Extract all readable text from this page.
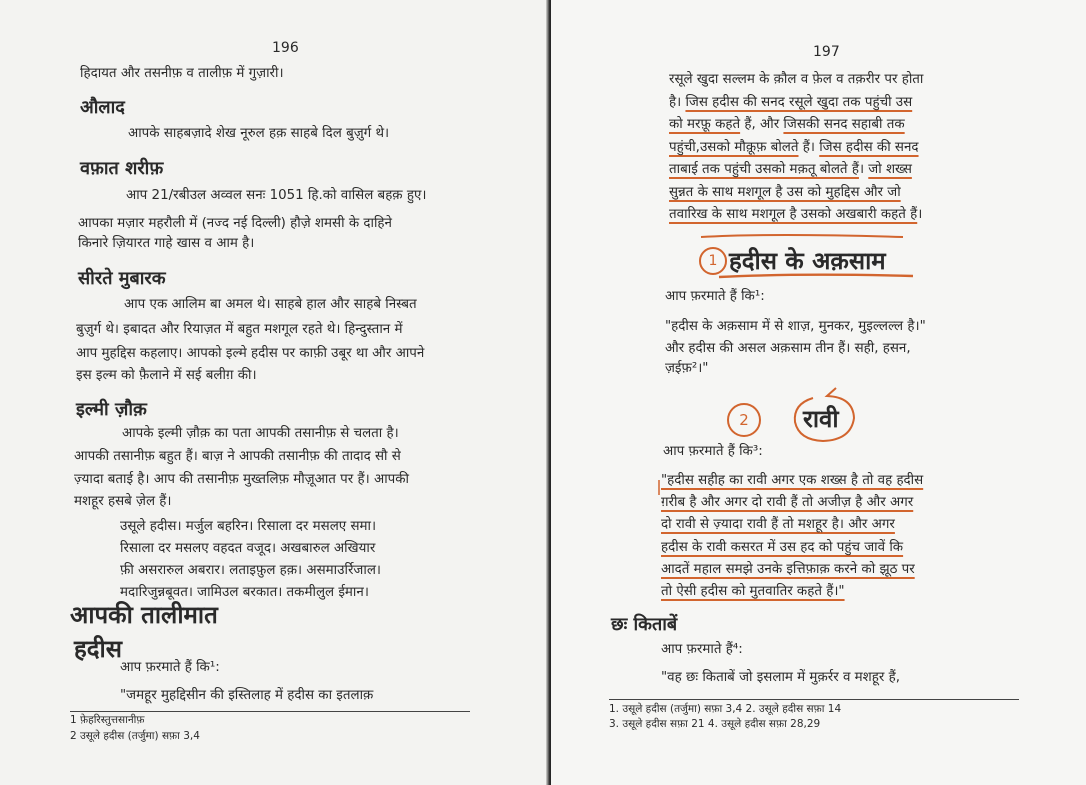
196

हिदायत और तसनीफ़ व तालीफ़ में गुज़ारी।

औलाद

आपके साहबज़ादे शेख नूरुल हक़ साहबे दिल बुज़ुर्ग थे।

वफ़ात शरीफ़

आप 21/रबीउल अव्वल सनः 1051 हि.को वासिल बहक़ हुए।

आपका मज़ार महरौली में (नज्द नई दिल्ली) हौज़े शमसी के दाहिने

किनारे ज़ियारत गाहे खास व आम है।

सीरते मुबारक

आप एक आलिम बा अमल थे। साहबे हाल और साहबे निस्बत

बुज़ुर्ग थे। इबादत और रियाज़त में बहुत मशगूल रहते थे। हिन्दुस्तान में

आप मुहद्दिस कहलाए। आपको इल्मे हदीस पर काफ़ी उबूर था और आपने

इस इल्म को फ़ैलाने में सई बलीग़ की।

इल्मी ज़ौक़

आपके इल्मी ज़ौक़ का पता आपकी तसानीफ़ से चलता है।

आपकी तसानीफ़ बहुत हैं। बाज़ ने आपकी तसानीफ़ की तादाद सौ से

ज़्यादा बताई है। आप की तसानीफ़ मुख्तलिफ़ मौज़ूआत पर हैं। आपकी

मशहूर हसबे ज़ेल हैं।

उसूले हदीस। मर्जुल बहरिन। रिसाला दर मसलए समा।

रिसाला दर मसलए वहदत वजूद। अखबारुल अखियार

फ़ी असरारुल अबरार। लताइफ़ुल हक़। असमाउर्रिजाल।

मदारिजुन्नबूवत। जामिउल बरकात। तकमीलुल ईमान।

आपकी तालीमात

हदीस

आप फ़रमाते हैं कि¹:

"जमहूर मुहद्दिसीन की इस्तिलाह में हदीस का इतलाक़

1 फ़ेहरिस्तुत्तसानीफ़

2 उसूले हदीस (तर्जुमा) सफ़ा 3,4

197

रसूले खुदा सल्लम के क़ौल व फ़ेल व तक़रीर पर होता

है। जिस हदीस की सनद रसूले खुदा तक पहुंची उस

को मरफ़ू कहते हैं, और जिसकी सनद सहाबी तक

पहुंची,उसको मौक़ूफ़ बोलते हैं। जिस हदीस की सनद

ताबाई तक पहुंची उसको मक़तू बोलते हैं। जो शख्स

सुन्नत के साथ मशगूल है उस को मुहद्दिस और जो

तवारिख के साथ मशगूल है उसको अखबारी कहते हैं।

1 हदीस के अक़साम

आप फ़रमाते हैं कि¹:

"हदीस के अक़साम में से शाज़, मुनकर, मुइल्लल्ल है।"

और हदीस की असल अक़साम तीन हैं। सही, हसन,

ज़ईफ़²।"

2	रावी

आप फ़रमाते हैं कि³:

"हदीस सहीह का रावी अगर एक शख्स है तो वह हदीस

ग़रीब है और अगर दो रावी हैं तो अजीज़ है और अगर

दो रावी से ज़्यादा रावी हैं तो मशहूर है। और अगर

हदीस के रावी कसरत में उस हद को पहुंच जावें कि

आदतें महाल समझे उनके इत्तिफ़ाक़ करने को झूठ पर

तो ऐसी हदीस को मुतवातिर कहते हैं।"

छः किताबें

आप फ़रमाते हैं⁴:

"वह छः किताबें जो इसलाम में मुक़र्रर व मशहूर हैं,

1. उसूले हदीस (तर्जुमा) सफ़ा 3,4 2. उसूले हदीस सफ़ा 14

3. उसूले हदीस सफ़ा 21 4. उसूले हदीस सफ़ा 28,29
